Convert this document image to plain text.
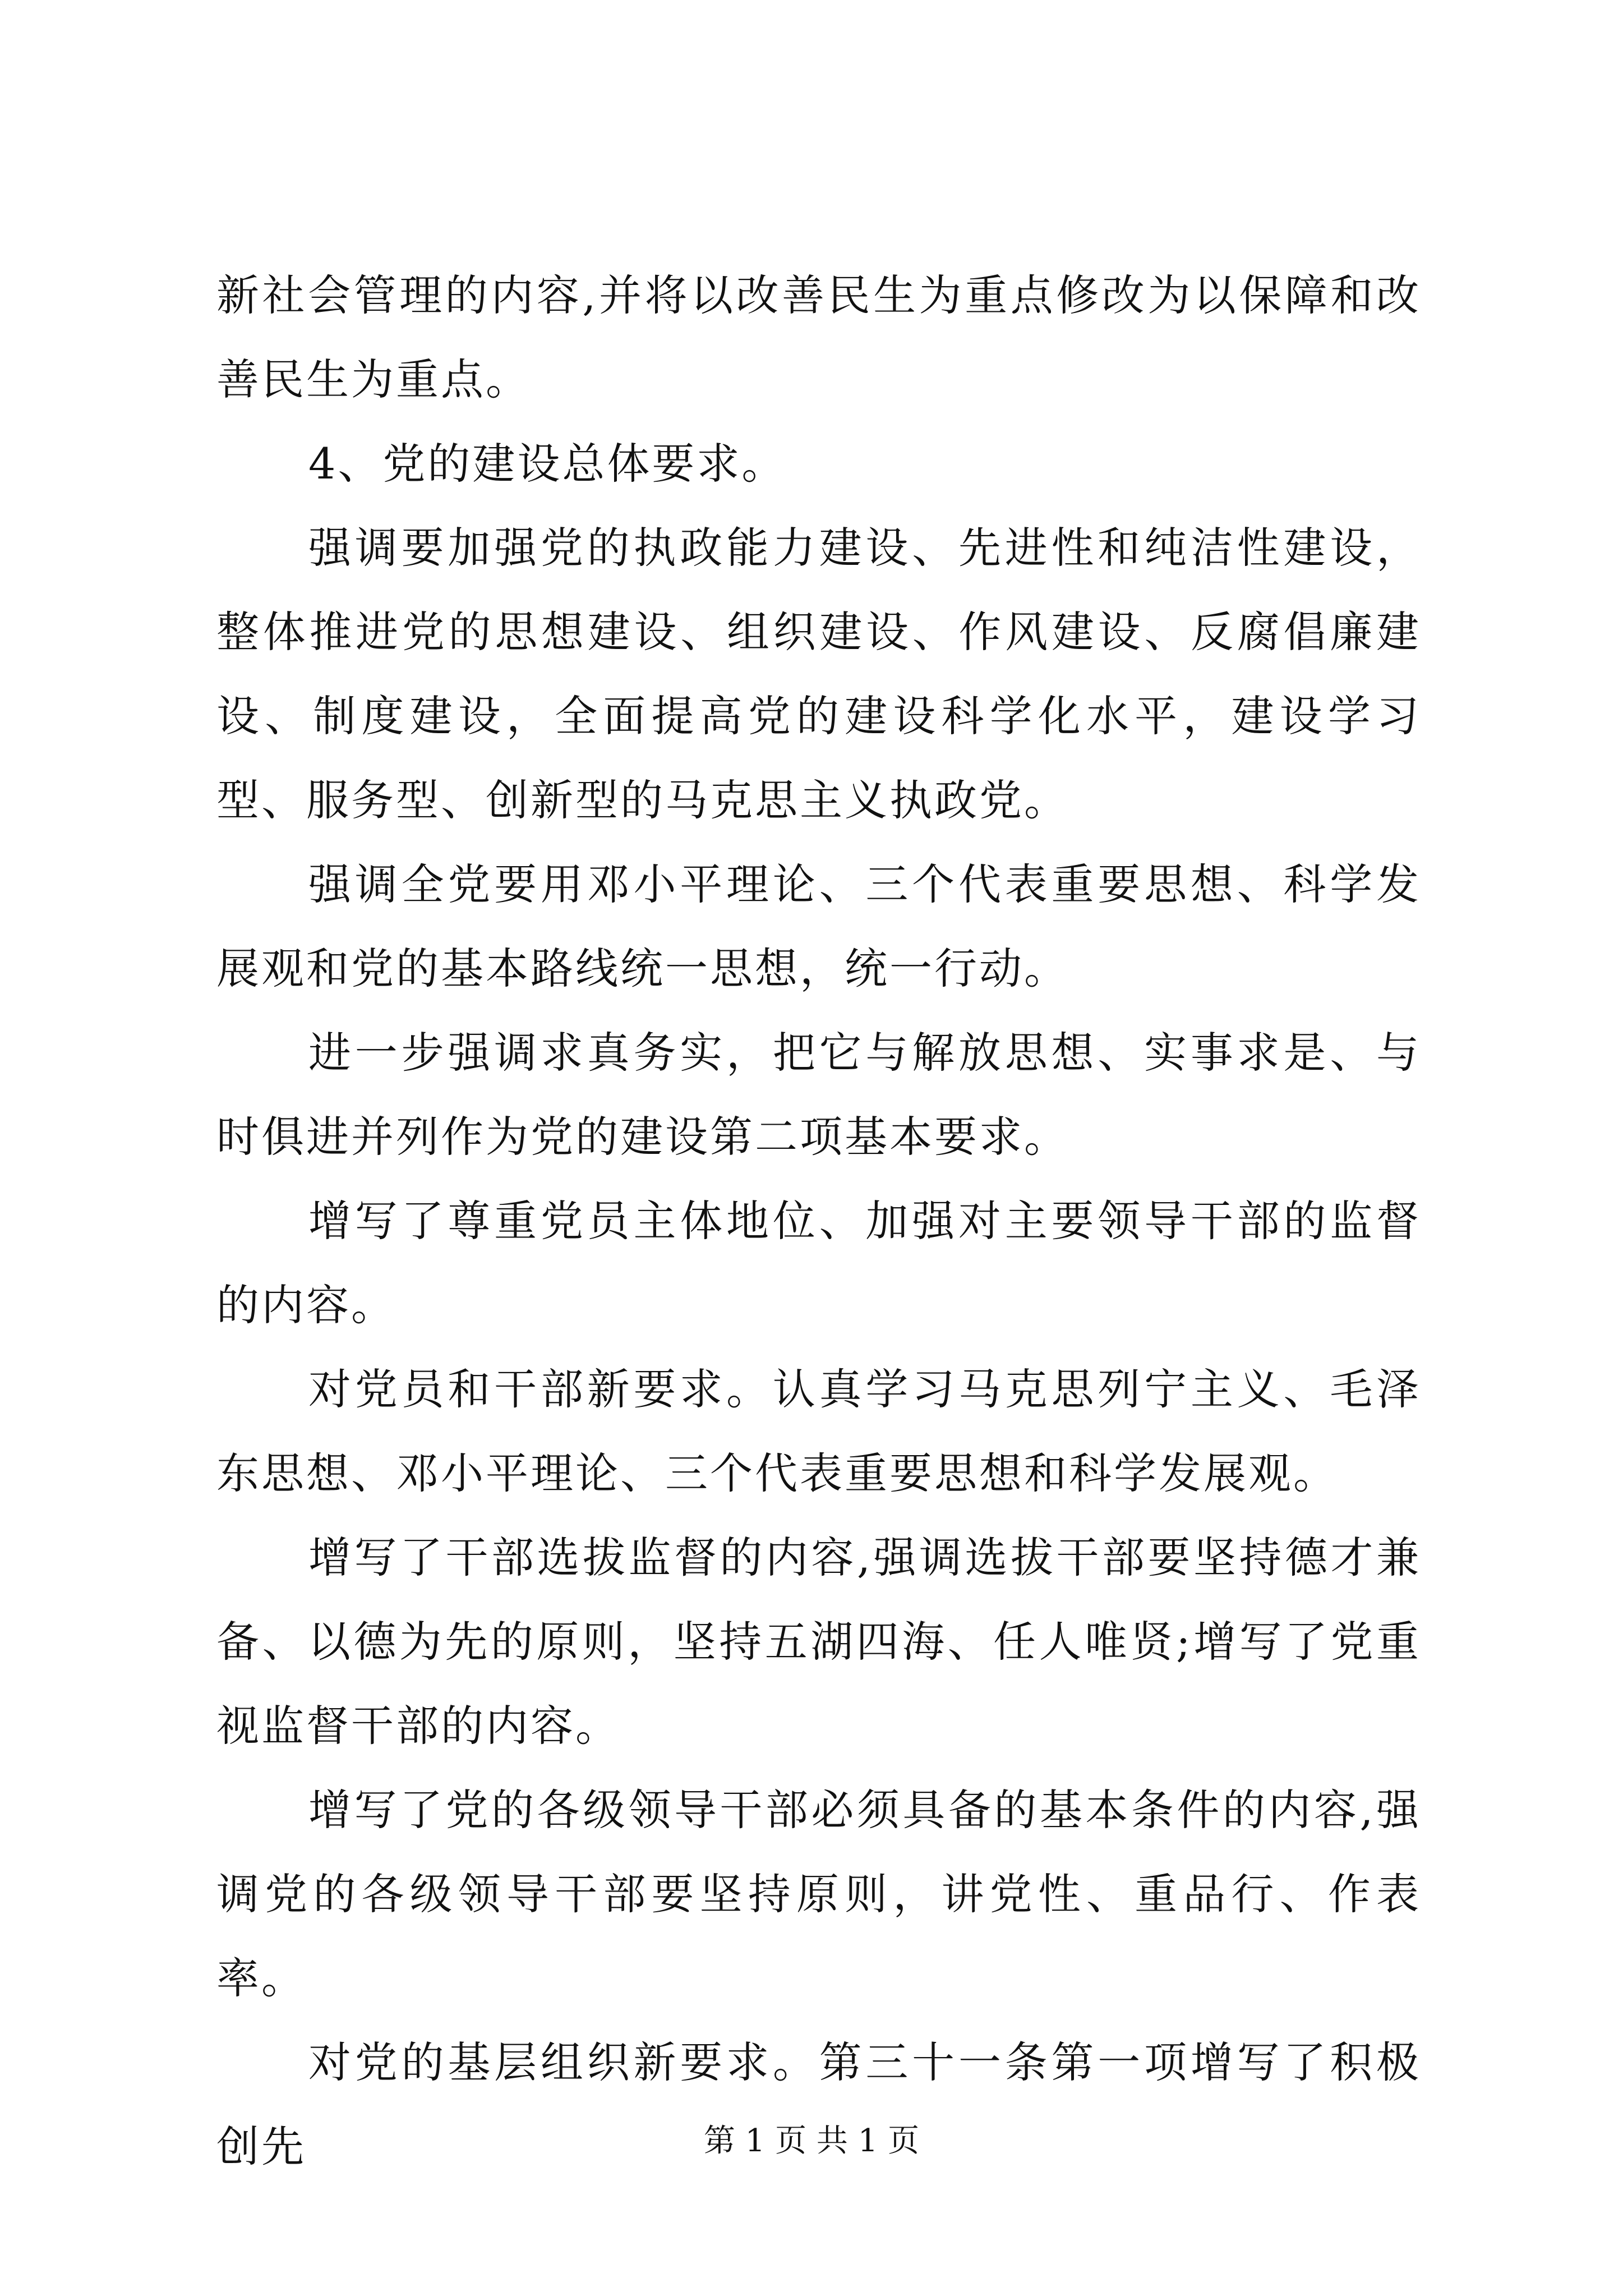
新社会管理的内容,并将以改善民生为重点修改为以保障和改善民生为重点。

4、党的建设总体要求。

强调要加强党的执政能力建设、先进性和纯洁性建设，整体推进党的思想建设、组织建设、作风建设、反腐倡廉建设、制度建设，全面提高党的建设科学化水平，建设学习型、服务型、创新型的马克思主义执政党。

强调全党要用邓小平理论、三个代表重要思想、科学发展观和党的基本路线统一思想，统一行动。

进一步强调求真务实，把它与解放思想、实事求是、与时俱进并列作为党的建设第二项基本要求。

增写了尊重党员主体地位、加强对主要领导干部的监督的内容。

对党员和干部新要求。认真学习马克思列宁主义、毛泽东思想、邓小平理论、三个代表重要思想和科学发展观。

增写了干部选拔监督的内容,强调选拔干部要坚持德才兼备、以德为先的原则，坚持五湖四海、任人唯贤;增写了党重视监督干部的内容。

增写了党的各级领导干部必须具备的基本条件的内容,强调党的各级领导干部要坚持原则，讲党性、重品行、作表率。

对党的基层组织新要求。第三十一条第一项增写了积极创先	第 1 页 共 1 页
